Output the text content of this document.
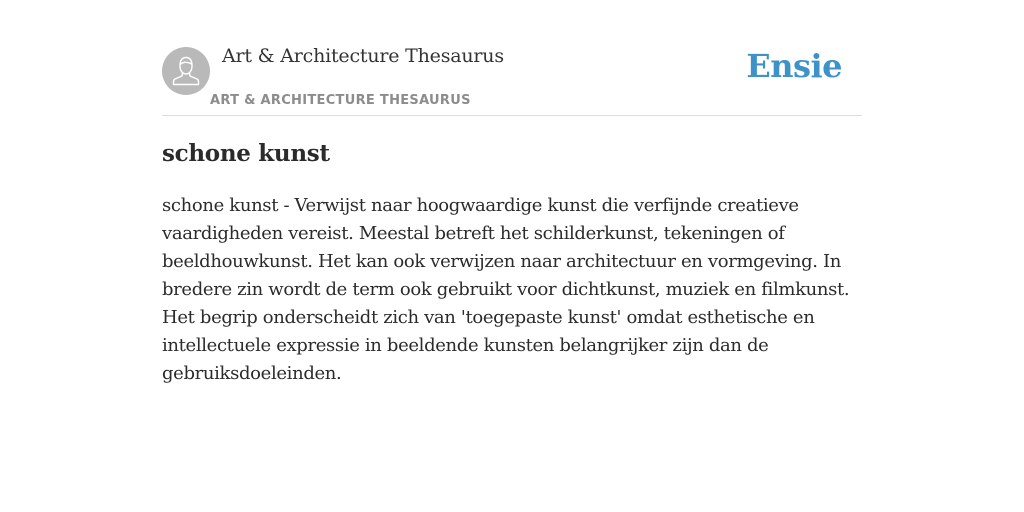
Art & Architecture Thesaurus
ART & ARCHITECTURE THESAURUS
Ensie
schone kunst

schone kunst - Verwijst naar hoogwaardige kunst die verfijnde creatieve vaardigheden vereist. Meestal betreft het schilderkunst, tekeningen of beeldhouwkunst. Het kan ook verwijzen naar architectuur en vormgeving. In bredere zin wordt de term ook gebruikt voor dichtkunst, muziek en filmkunst. Het begrip onderscheidt zich van 'toegepaste kunst' omdat esthetische en intellectuele expressie in beeldende kunsten belangrijker zijn dan de gebruiksdoeleinden.
